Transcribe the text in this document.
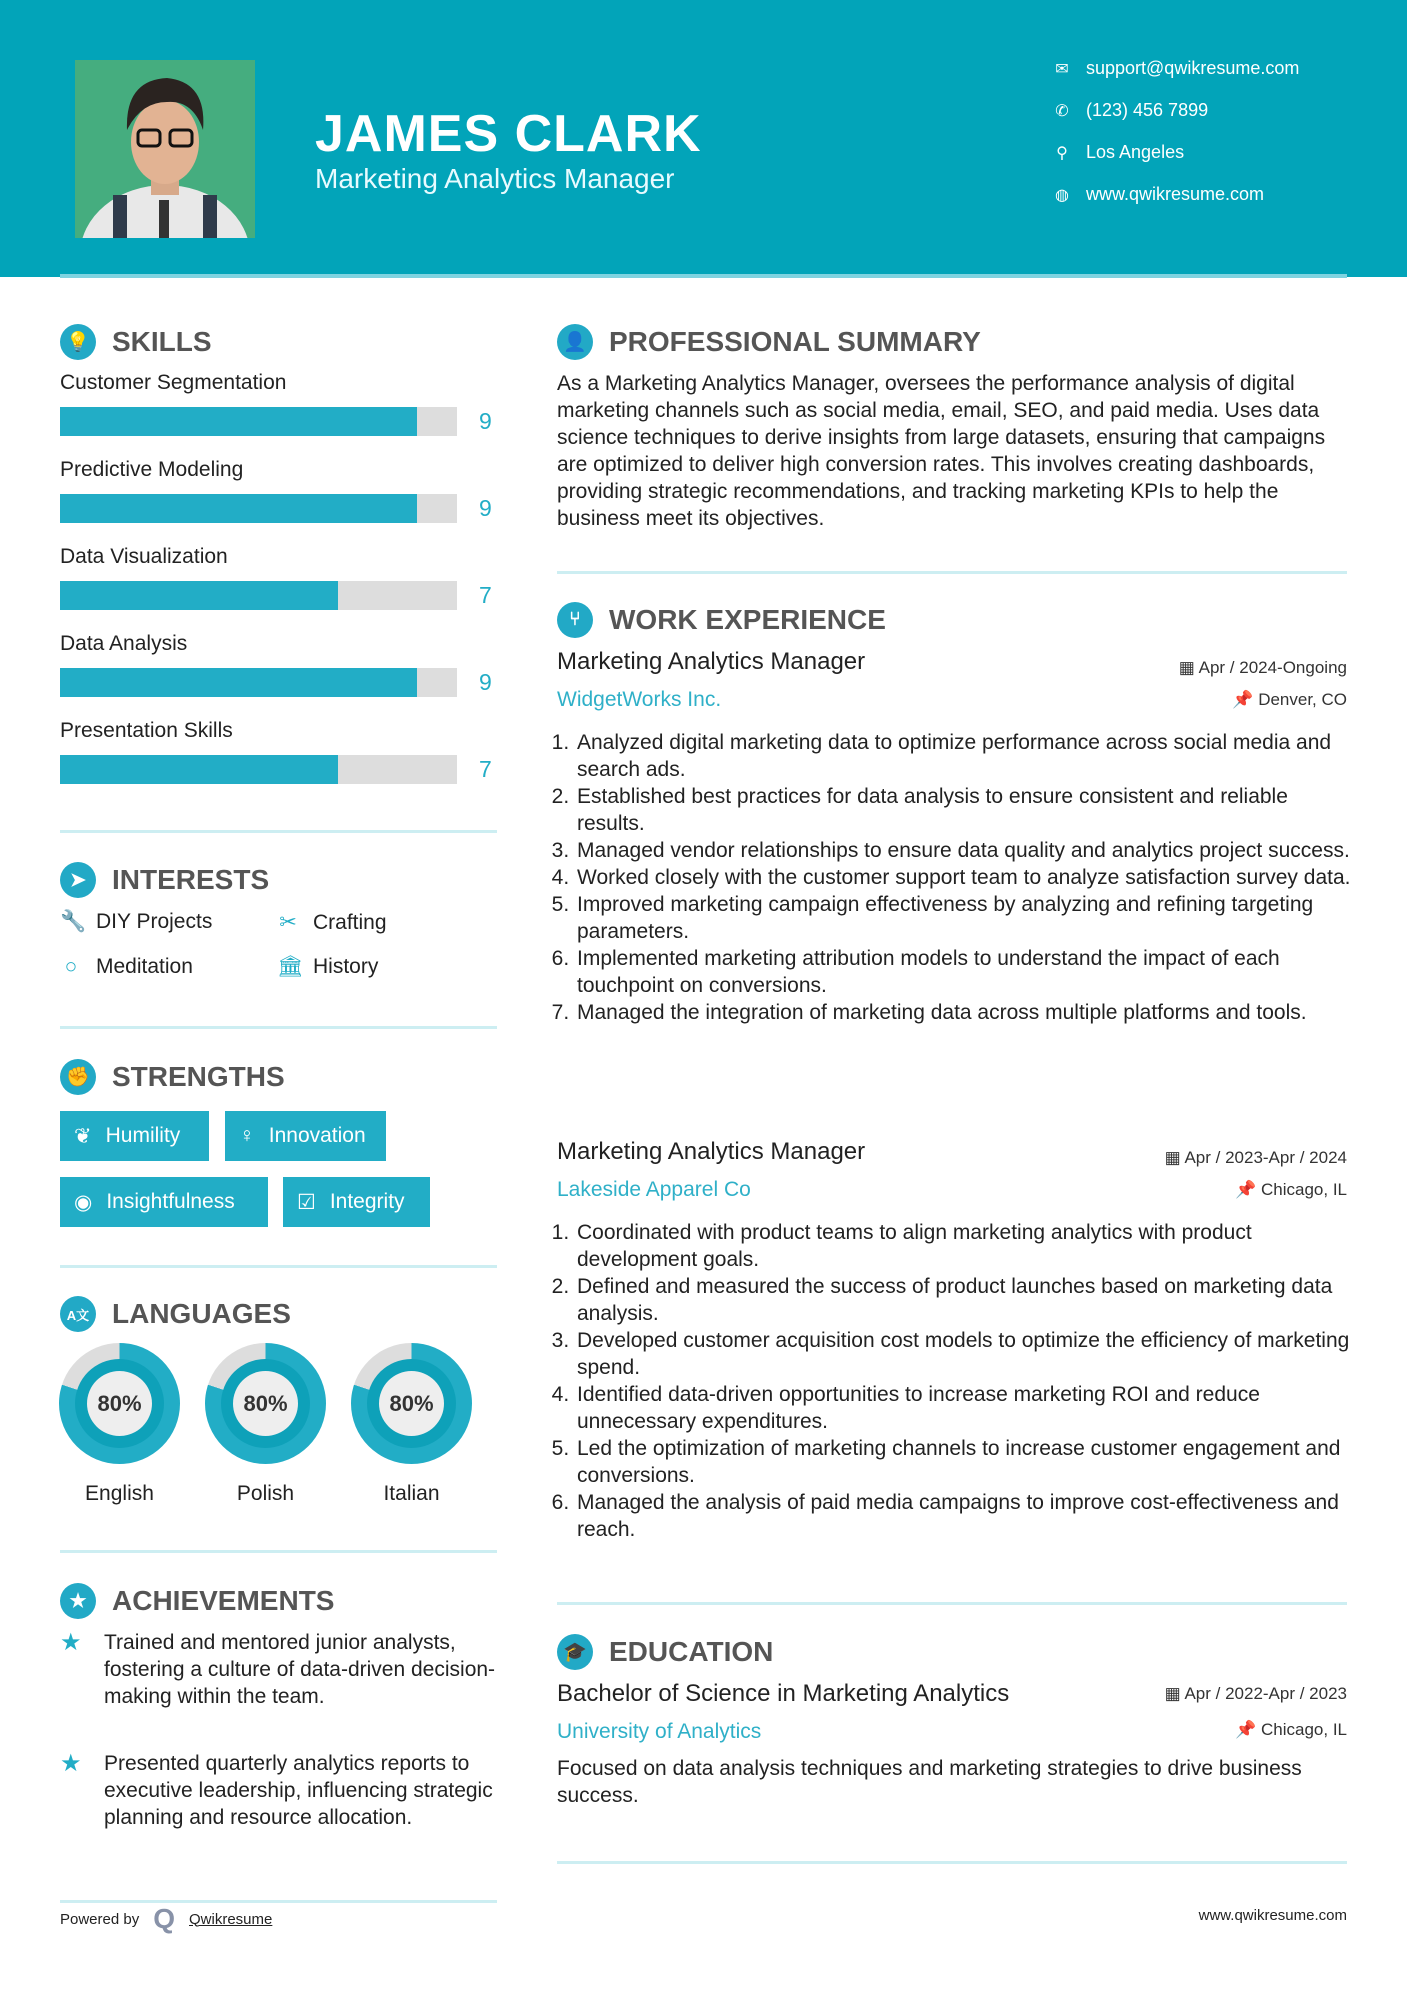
JAMES CLARK
Marketing Analytics Manager
✉ support@qwikresume.com
✆ (123) 456 7899
⚲ Los Angeles
◍ www.qwikresume.com
💡 SKILLS
Customer Segmentation
9
Predictive Modeling
9
Data Visualization
7
Data Analysis
9
Presentation Skills
7
➤ INTERESTS
🔧 DIY Projects	✂ Crafting
○ Meditation	🏛 History
✊ STRENGTHS
❦ Humility	♀ Innovation
◉ Insightfulness	☑ Integrity
A文 LANGUAGES
80%
English
80%
Polish
80%
Italian
★ ACHIEVEMENTS
★	Trained and mentored junior analysts, fostering a culture of data-driven decision-making within the team.
★	Presented quarterly analytics reports to executive leadership, influencing strategic planning and resource allocation.
👤 PROFESSIONAL SUMMARY
As a Marketing Analytics Manager, oversees the performance analysis of digital marketing channels such as social media, email, SEO, and paid media. Uses data science techniques to derive insights from large datasets, ensuring that campaigns are optimized to deliver high conversion rates. This involves creating dashboards, providing strategic recommendations, and tracking marketing KPIs to help the business meet its objectives.
⑂	WORK EXPERIENCE
Marketing Analytics Manager	▦ Apr / 2024-Ongoing
WidgetWorks Inc.	📌 Denver, CO
1. Analyzed digital marketing data to optimize performance across social media and search ads.
2. Established best practices for data analysis to ensure consistent and reliable results.
3. Managed vendor relationships to ensure data quality and analytics project success.
4. Worked closely with the customer support team to analyze satisfaction survey data.
5. Improved marketing campaign effectiveness by analyzing and refining targeting parameters.
6. Implemented marketing attribution models to understand the impact of each touchpoint on conversions.
7. Managed the integration of marketing data across multiple platforms and tools.
Marketing Analytics Manager	▦ Apr / 2023-Apr / 2024
Lakeside Apparel Co	📌 Chicago, IL
1. Coordinated with product teams to align marketing analytics with product development goals.
2. Defined and measured the success of product launches based on marketing data analysis.
3. Developed customer acquisition cost models to optimize the efficiency of marketing spend.
4. Identified data-driven opportunities to increase marketing ROI and reduce unnecessary expenditures.
5. Led the optimization of marketing channels to increase customer engagement and conversions.
6. Managed the analysis of paid media campaigns to improve cost-effectiveness and reach.
🎓 EDUCATION
Bachelor of Science in Marketing Analytics	▦ Apr / 2022-Apr / 2023
University of Analytics	📌 Chicago, IL
Focused on data analysis techniques and marketing strategies to drive business success.
Powered by Q Qwikresume	www.qwikresume.com
